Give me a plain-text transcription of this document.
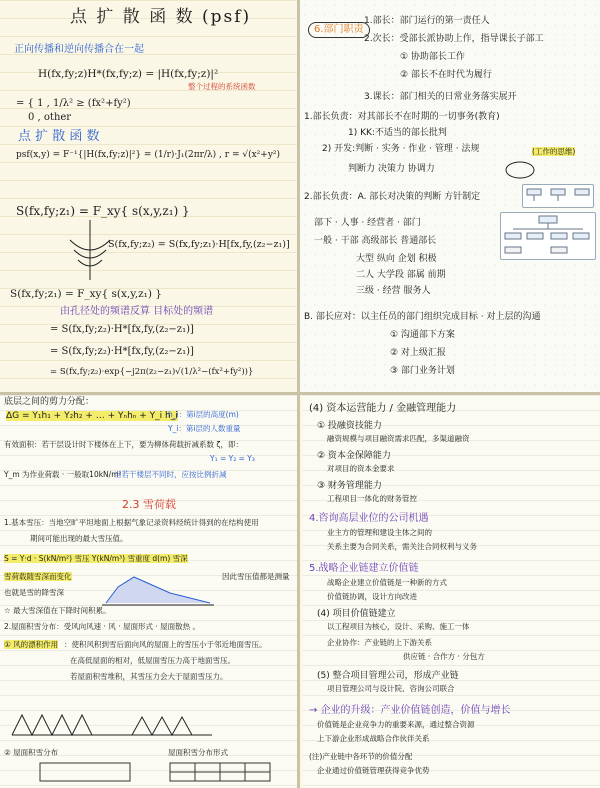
点 扩 散 函 数 (psf)
正向传播和逆向传播合在一起
H(fx,fy;z)H*(fx,fy;z) = |H(fx,fy;z)|²
整个过程的系统函数
= { 1 , 1/λ² ≥ (fx²+fy²)
0 , other
点 扩 散 函 数
psf(x,y) = F⁻¹{|H(fx,fy;z)|²} = (1/r)·J₁(2πr/λ) , r = √(x²+y²)
S(fx,fy;z₁) = F_xy{ s(x,y,z₁) }
S(fx,fy;z₂) = S(fx,fy;z₁)·H[fx,fy,(z₂−z₁)]
S(fx,fy;z₁) = F_xy{ s(x,y,z₁) }
由孔径处的频谱反算 目标处的频谱
= S(fx,fy;z₂)·H*[fx,fy,(z₂−z₁)]
= S(fx,fy;z₂)·H*[fx,fy,(z₂−z₁)]
= S(fx,fy;z₂)·exp{−j2π(z₂−z₁)√(1/λ²−(fx²+fy²))}
6.部门职责
1.部长：部门运行的第一责任人
2.次长：受部长派协助上作，指导课长子部工
① 协助部长工作
② 部长不在时代为履行
3.课长：部门相关的日常业务落实展开
1.部长负责：对其部长不在时期的一切事务(教育)
1) KK:不适当的部长批判
2) 开发:判断 · 实务 · 作业 · 管理 · 法规	(工作的思维)
判断力 决策力 协调力
2.部长负责：A. 部长对决策的判断 方针制定
部下 · 人事 · 经营者 · 部门
一般 · 干部 高级部长 普通部长
大型 纵向 企划 积极
二人 大学段 部属 前期
三级 · 经营 服务人
B. 部长应对：以主任员的部门组织完成目标 · 对上层的沟通
① 沟通部下方案
② 对上级汇报
③ 部门业务计划
底层之间的剪力分配：
ΔG = Y₁h₁ + Y₂h₂ + … + Yₙhₙ + Y_i h_i
h_i：第i层的高度(m)
Y_i：第i层的人数重量
有效面积：若干层设计时下楼体在上下，要为柳体荷载折减系数 ζ，即：
Y₁ = Y₂ = Y₃
Y_m 为作业荷载 · 一般取10kN/m²
当若干楼层不同时，应按比例折减
2.3 雪荷载
1.基本雪压：当地空旷平坦地面上根据气象记录资料经统计得到的在结构使用
期间可能出现的最大雪压值。
S = Y·d · S(kN/m²) 雪压 Y(kN/m³) 雪重度 d(m) 雪深
雪荷载随雪深而变化	因此雪压值都是测量
也就是雪的降雪深
☆ 最大雪深值在下降时间积累。
2.屋面积雪分布：受风向风速 · 风 · 屋面形式 · 屋面散热 。
① 风的漂积作用 ：使积风积到雪后面向风的屋面上的雪压小于邻近地面雪压。
在高低屋面的相对，低屋面雪压力高于地面雪压。
若屋面积雪堆积，其雪压力会大于屋面雪压力。
② 屋面积雪分布	屋面积雪分布形式
(4) 资本运营能力 / 金融管理能力
① 投融资技能力
融资规模与项目融资需求匹配，多渠道融资
② 资本金保障能力
对项目的资本金要求
③ 财务管理能力
工程项目一体化的财务管控
4.咨询高层业位的公司机遇
业主方的管理和建设主体之间的
关系主要为合同关系，需关注合同权利与义务
5.战略企业链建立价值链
战略企业建立价值链是一种新的方式
价值链协调，设计方向改进
(4) 项目价值链建立
以工程项目为核心，设计、采购、施工一体
企业协作：产业链的上下游关系
供应链 · 合作方 · 分包方
(5) 整合项目管理公司，形成产业链
项目管理公司与设计院、咨询公司联合
→ 企业的升级：产业价值链创造，价值与增长
价值链是企业竞争力的重要来源，通过整合资源
上下游企业形成战略合作伙伴关系
(注)产业链中各环节的价值分配
企业通过价值链管理获得竞争优势
